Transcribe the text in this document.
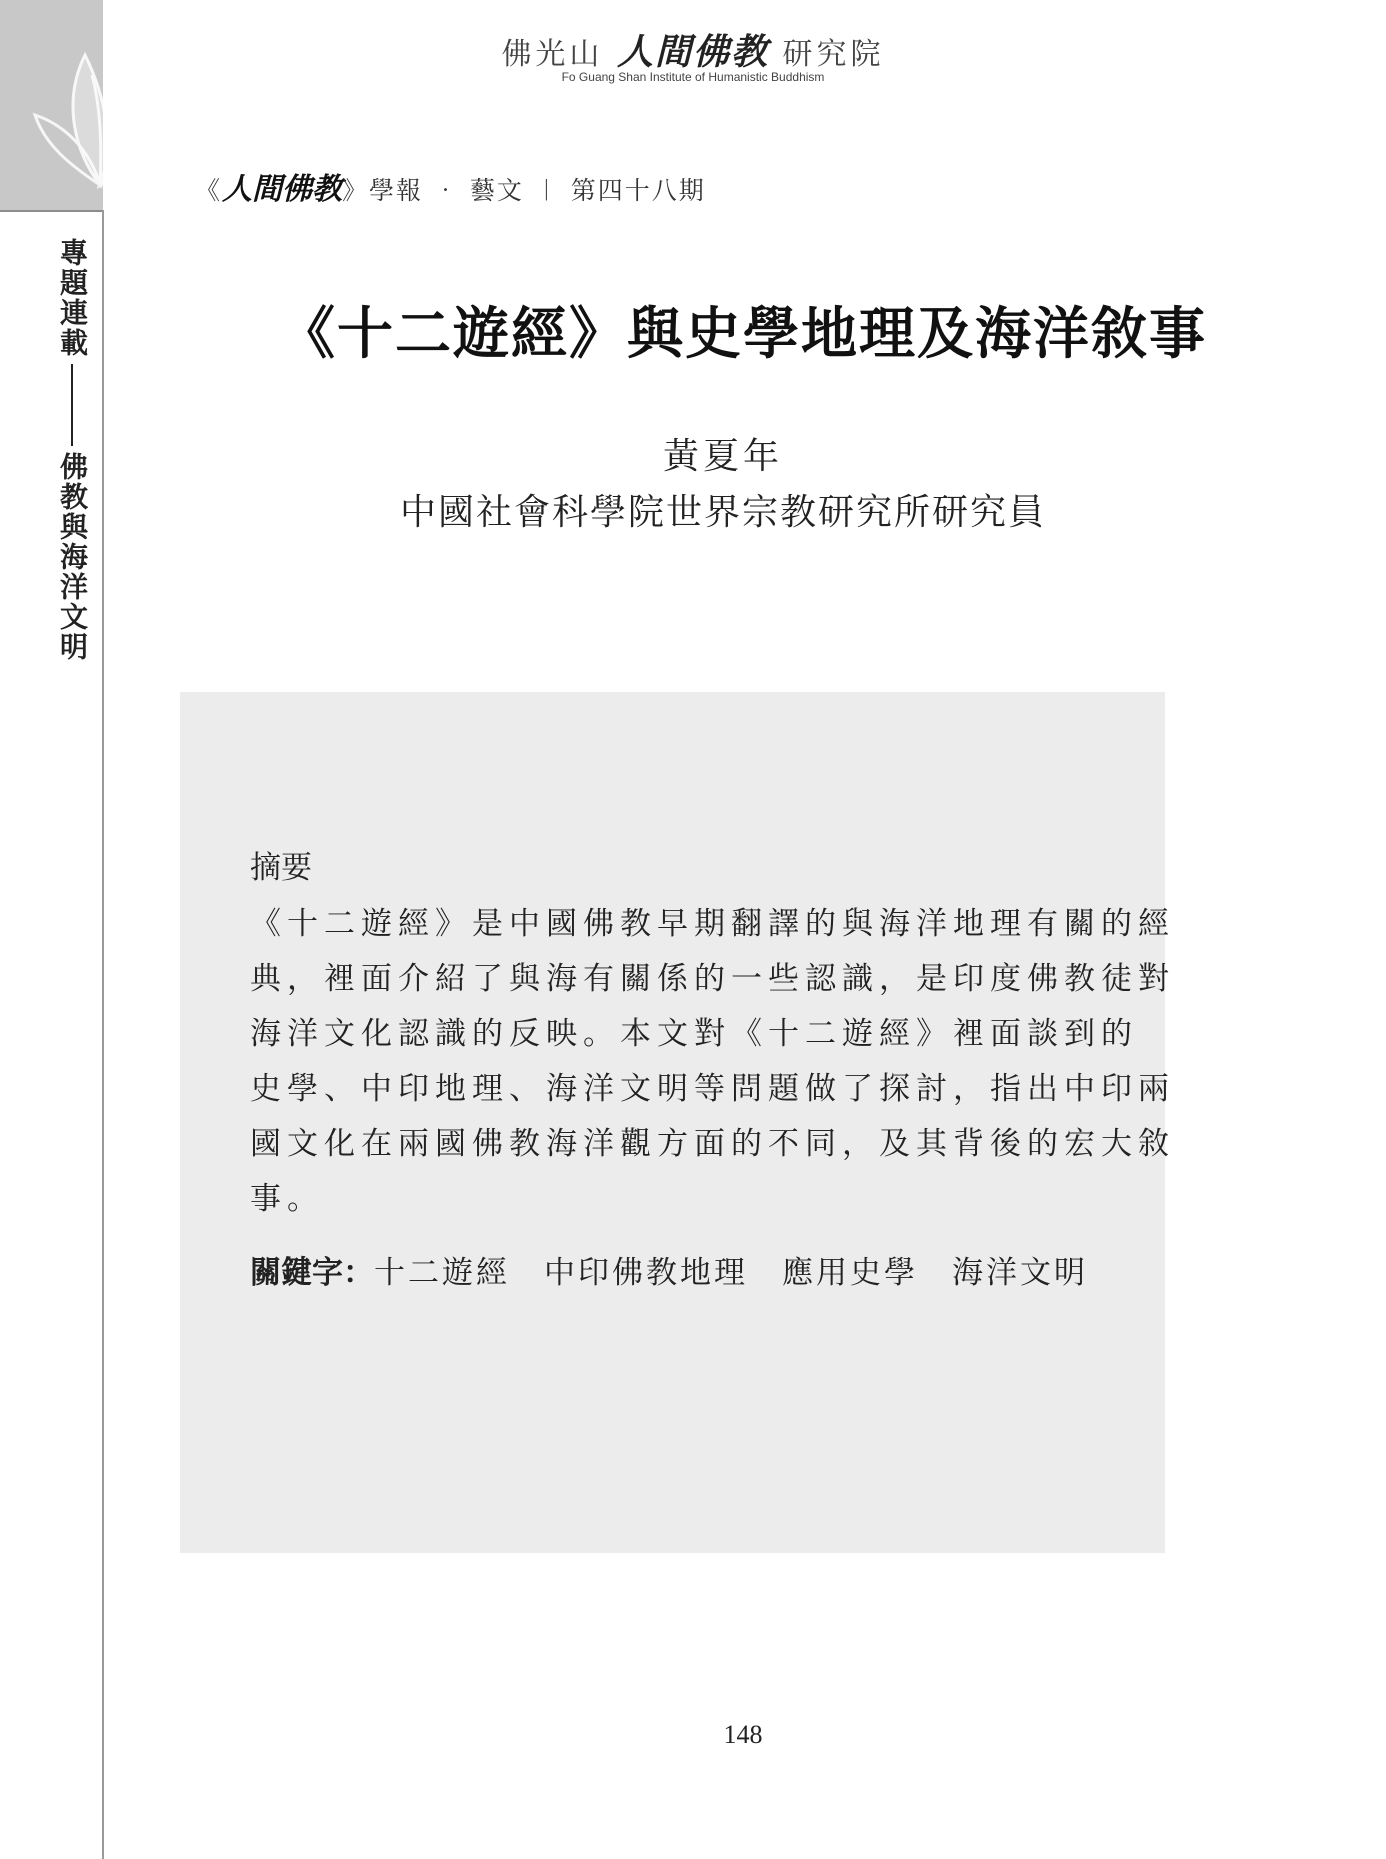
專題連載
佛教與海洋文明
佛光山 人間佛教 研究院
Fo Guang Shan Institute of Humanistic Buddhism
《人間佛教》學報 ‧ 藝文 ︱ 第四十八期
《十二遊經》與史學地理及海洋敘事
黃夏年
中國社會科學院世界宗教研究所研究員
摘要
《十二遊經》是中國佛教早期翻譯的與海洋地理有關的經
典，裡面介紹了與海有關係的一些認識，是印度佛教徒對
海洋文化認識的反映。本文對《十二遊經》裡面談到的
史學、中印地理、海洋文明等問題做了探討，指出中印兩
國文化在兩國佛教海洋觀方面的不同，及其背後的宏大敘
事。
關鍵字：十二遊經 中印佛教地理 應用史學 海洋文明
148
